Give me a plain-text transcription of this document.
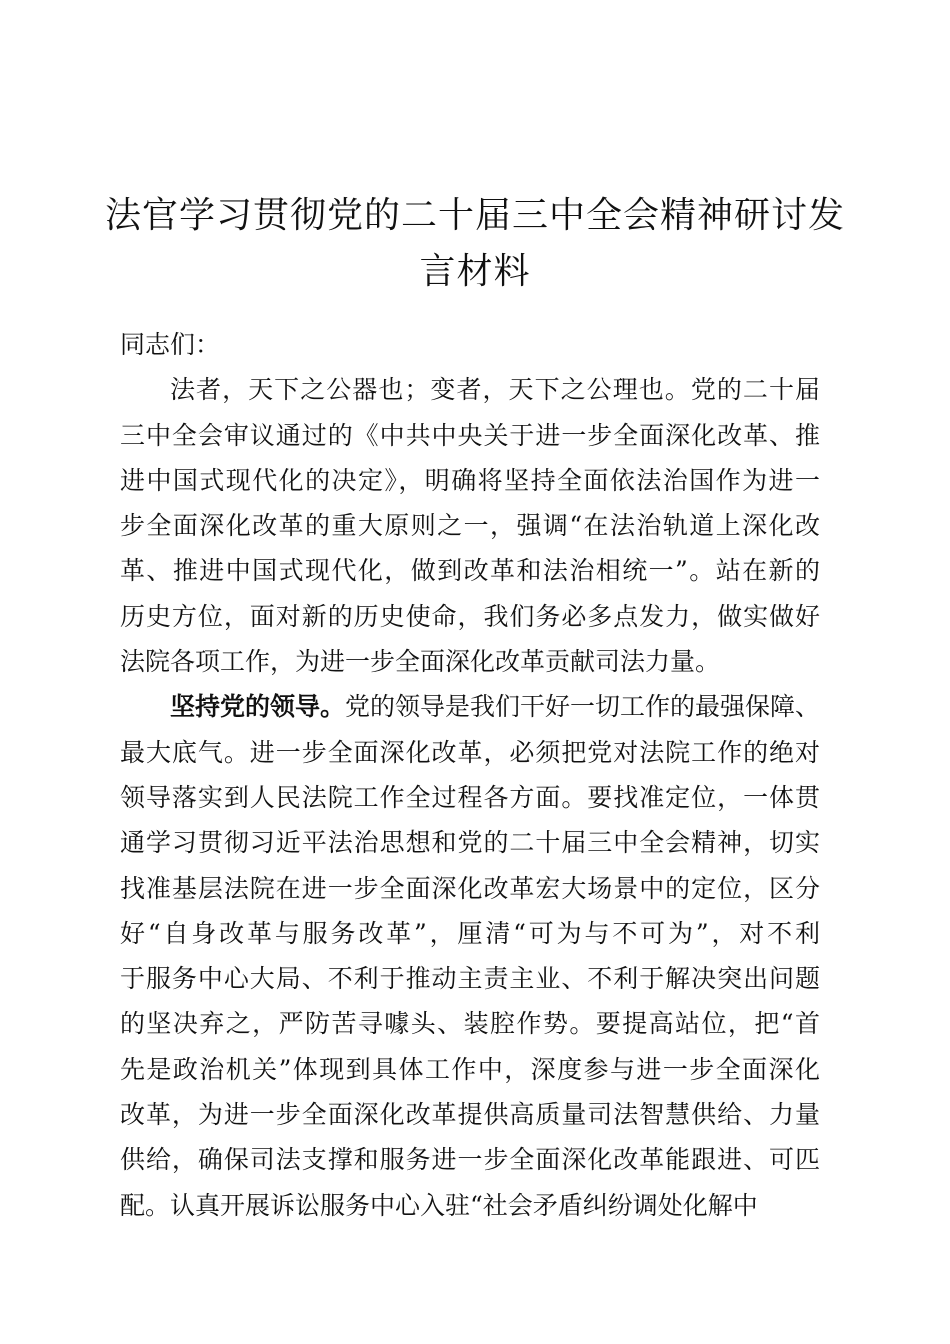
法官学习贯彻党的二十届三中全会精神研讨发
言材料
同志们：
法者，天下之公器也；变者，天下之公理也。党的二十届
三中全会审议通过的《中共中央关于进一步全面深化改革、推
进中国式现代化的决定》，明确将坚持全面依法治国作为进一
步全面深化改革的重大原则之一，强调“在法治轨道上深化改
革、推进中国式现代化，做到改革和法治相统一”。站在新的
历史方位，面对新的历史使命，我们务必多点发力，做实做好
法院各项工作，为进一步全面深化改革贡献司法力量。
坚持党的领导。党的领导是我们干好一切工作的最强保障、
最大底气。进一步全面深化改革，必须把党对法院工作的绝对
领导落实到人民法院工作全过程各方面。要找准定位，一体贯
通学习贯彻习近平法治思想和党的二十届三中全会精神，切实
找准基层法院在进一步全面深化改革宏大场景中的定位，区分
好“自身改革与服务改革”，厘清“可为与不可为”，对不利
于服务中心大局、不利于推动主责主业、不利于解决突出问题
的坚决弃之，严防苦寻噱头、装腔作势。要提高站位，把“首
先是政治机关”体现到具体工作中，深度参与进一步全面深化
改革，为进一步全面深化改革提供高质量司法智慧供给、力量
供给，确保司法支撑和服务进一步全面深化改革能跟进、可匹
配。认真开展诉讼服务中心入驻“社会矛盾纠纷调处化解中
